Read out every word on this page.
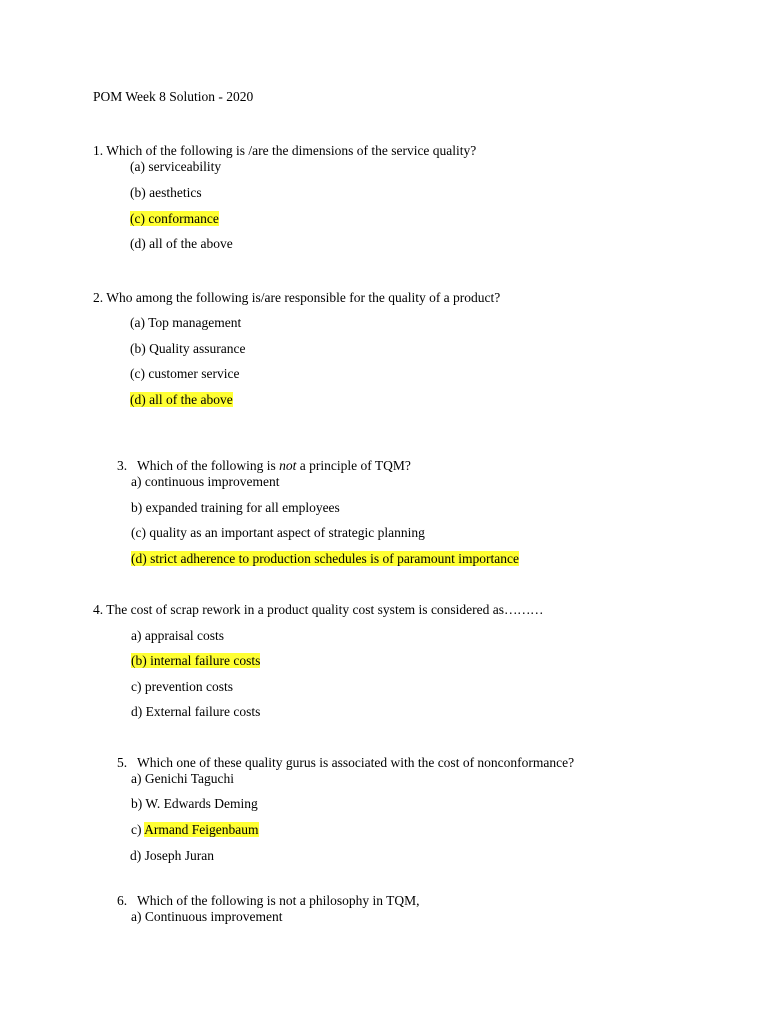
POM Week 8 Solution - 2020
1. Which of the following is /are the dimensions of the service quality?
(a) serviceability
(b) aesthetics
(c) conformance
(d) all of the above
2. Who among the following is/are responsible for the quality of a product?
(a) Top management
(b) Quality assurance
(c) customer service
(d) all of the above
3. Which of the following is not a principle of TQM?
a) continuous improvement
b) expanded training for all employees
(c) quality as an important aspect of strategic planning
(d) strict adherence to production schedules is of paramount importance
4. The cost of scrap rework in a product quality cost system is considered as………
a) appraisal costs
(b) internal failure costs
c) prevention costs
d) External failure costs
5. Which one of these quality gurus is associated with the cost of nonconformance?
a) Genichi Taguchi
b) W. Edwards Deming
c) Armand Feigenbaum
d) Joseph Juran
6. Which of the following is not a philosophy in TQM,
a) Continuous improvement
